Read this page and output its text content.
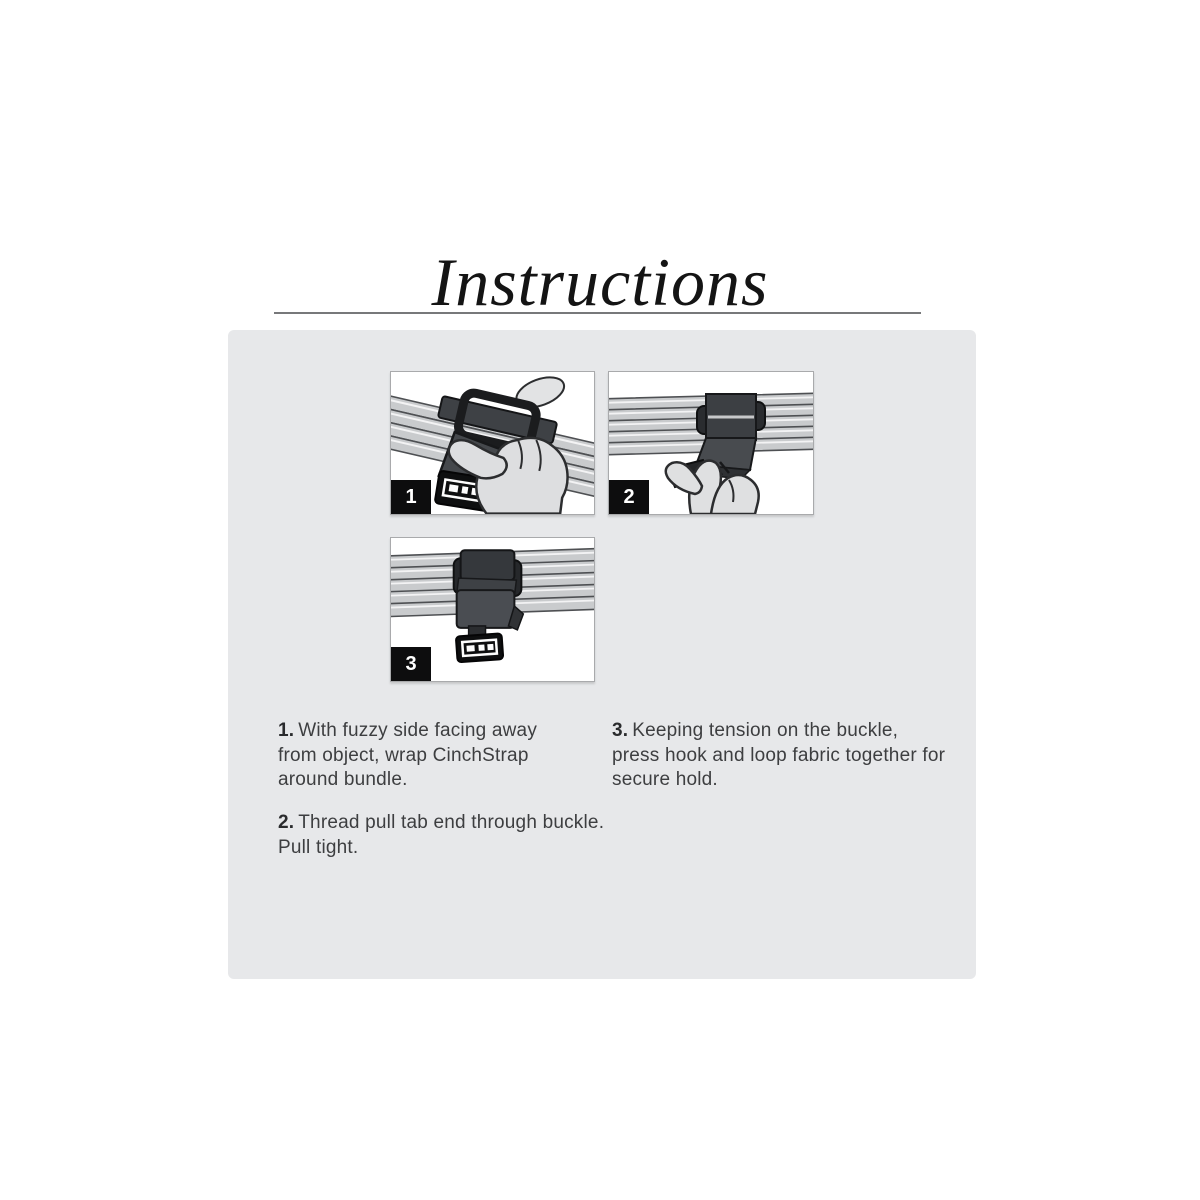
Instructions
1	2
3

1. With fuzzy side facing away from object, wrap CinchStrap around bundle.

2. Thread pull tab end through buckle. Pull tight.

3. Keeping tension on the buckle, press hook and loop fabric together for secure hold.
